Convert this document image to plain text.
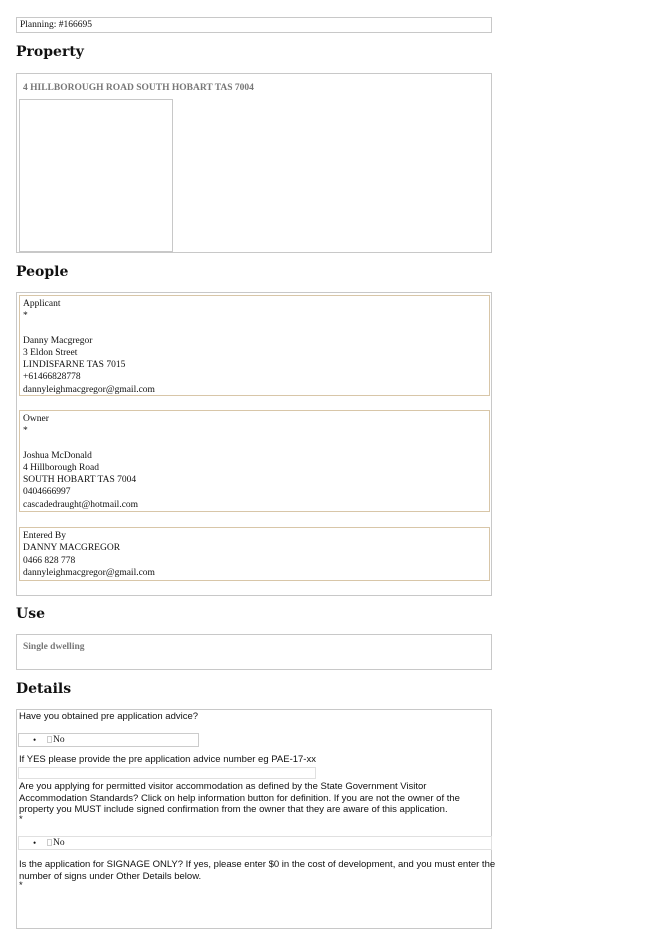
Planning: #166695
Property
4 HILLBOROUGH ROAD SOUTH HOBART TAS 7004
People
Applicant
*
Danny Macgregor
3 Eldon Street
LINDISFARNE TAS 7015
+61466828778
dannyleighmacgregor@gmail.com
Owner
*
Joshua McDonald
4 Hillborough Road
SOUTH HOBART TAS 7004
0404666997
cascadedraught@hotmail.com
Entered By
DANNY MACGREGOR
0466 828 778
dannyleighmacgregor@gmail.com
Use
Single dwelling
Details
Have you obtained pre application advice?
•	No
If YES please provide the pre application advice number eg PAE-17-xx
Are you applying for permitted visitor accommodation as defined by the State Government Visitor
Accommodation Standards? Click on help information button for definition. If you are not the owner of the
property you MUST include signed confirmation from the owner that they are aware of this application.
*
•	No
Is the application for SIGNAGE ONLY? If yes, please enter $0 in the cost of development, and you must enter the
number of signs under Other Details below.
*
